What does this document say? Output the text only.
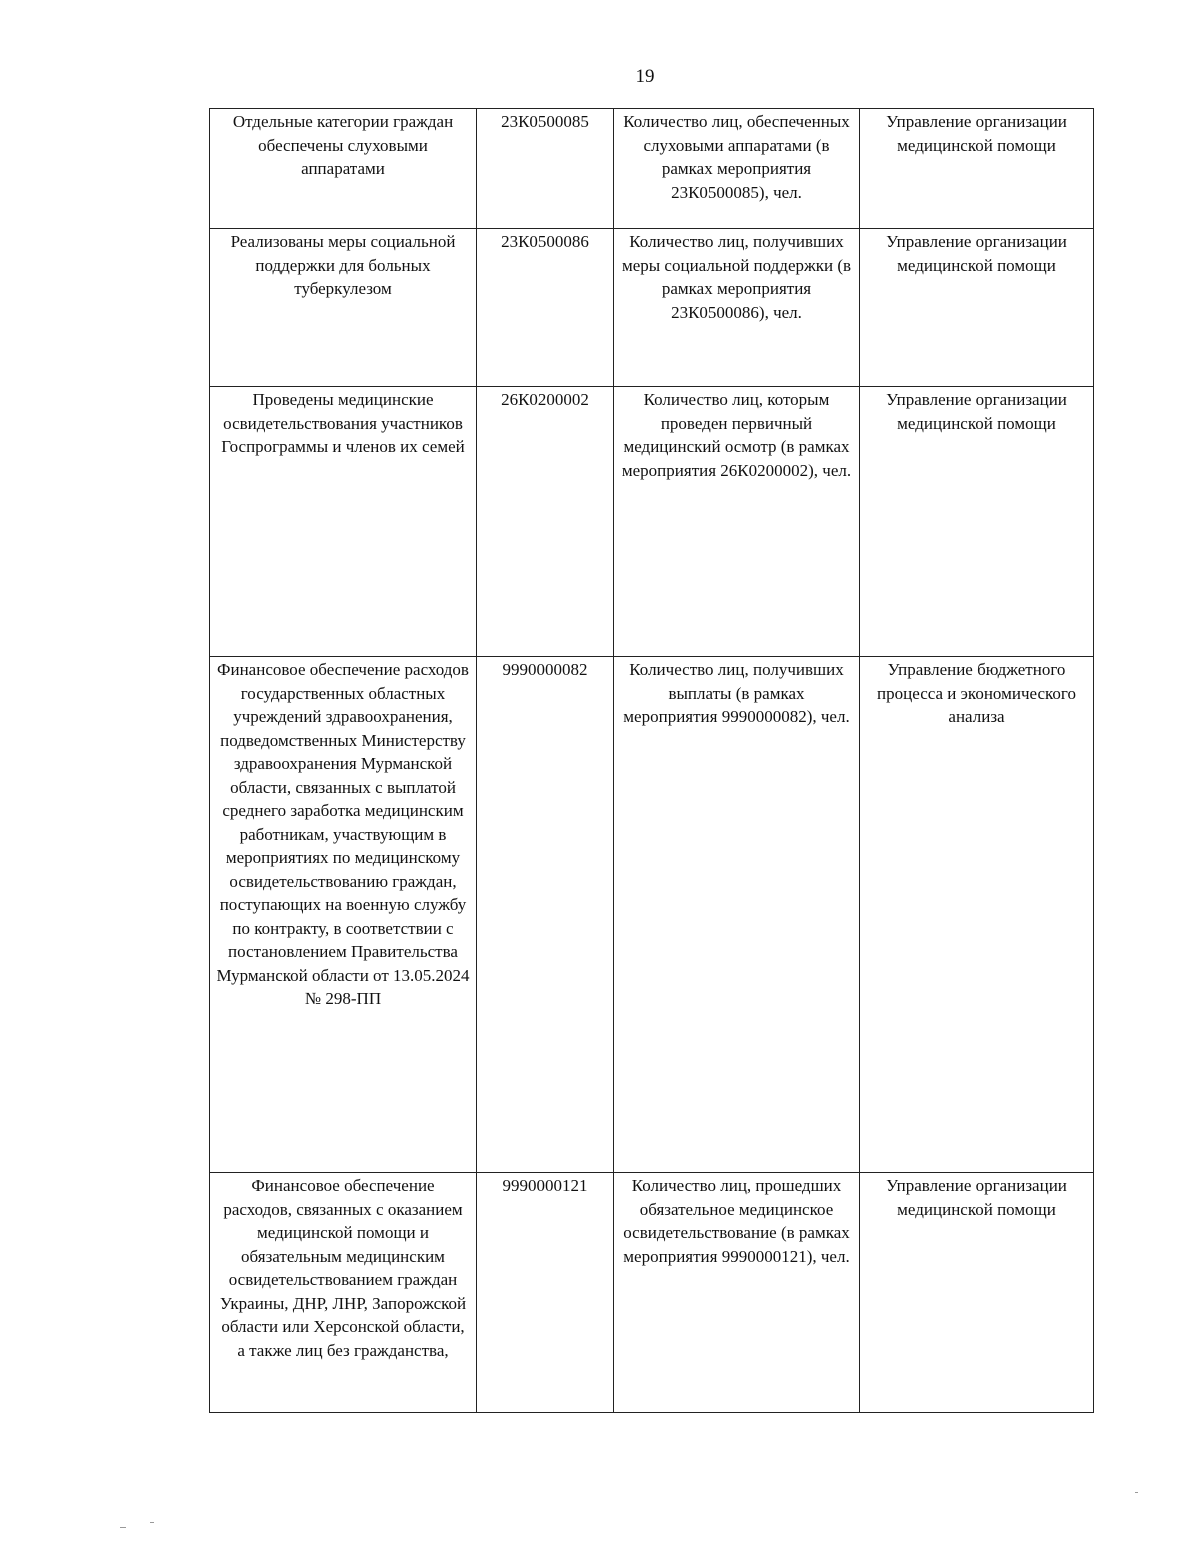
19
Отдельные категории граждан обеспечены слуховыми аппаратами	23К0500085	Количество лиц, обеспеченных слуховыми аппаратами (в рамках мероприятия 23К0500085), чел.	Управление организации медицинской помощи
Реализованы меры социальной поддержки для больных туберкулезом	23К0500086	Количество лиц, получивших меры социальной поддержки (в рамках мероприятия 23К0500086), чел.	Управление организации медицинской помощи
Проведены медицинские освидетельствования участников Госпрограммы и членов их семей	26К0200002	Количество лиц, которым проведен первичный медицинский осмотр (в рамках мероприятия 26К0200002), чел.	Управление организации медицинской помощи
Финансовое обеспечение расходов государственных областных учреждений здравоохранения, подведомственных Министерству здравоохранения Мурманской области, связанных с выплатой среднего заработка медицинским работникам, участвующим в мероприятиях по медицинскому освидетельствованию граждан, поступающих на военную службу по контракту, в соответствии с постановлением Правительства Мурманской области от 13.05.2024 № 298-ПП	9990000082	Количество лиц, получивших выплаты (в рамках мероприятия 9990000082), чел.	Управление бюджетного процесса и экономического анализа
Финансовое обеспечение расходов, связанных с оказанием медицинской помощи и обязательным медицинским освидетельствованием граждан Украины, ДНР, ЛНР, Запорожской области или Херсонской области, а также лиц без гражданства,	9990000121	Количество лиц, прошедших обязательное медицинское освидетельствование (в рамках мероприятия 9990000121), чел.	Управление организации медицинской помощи
